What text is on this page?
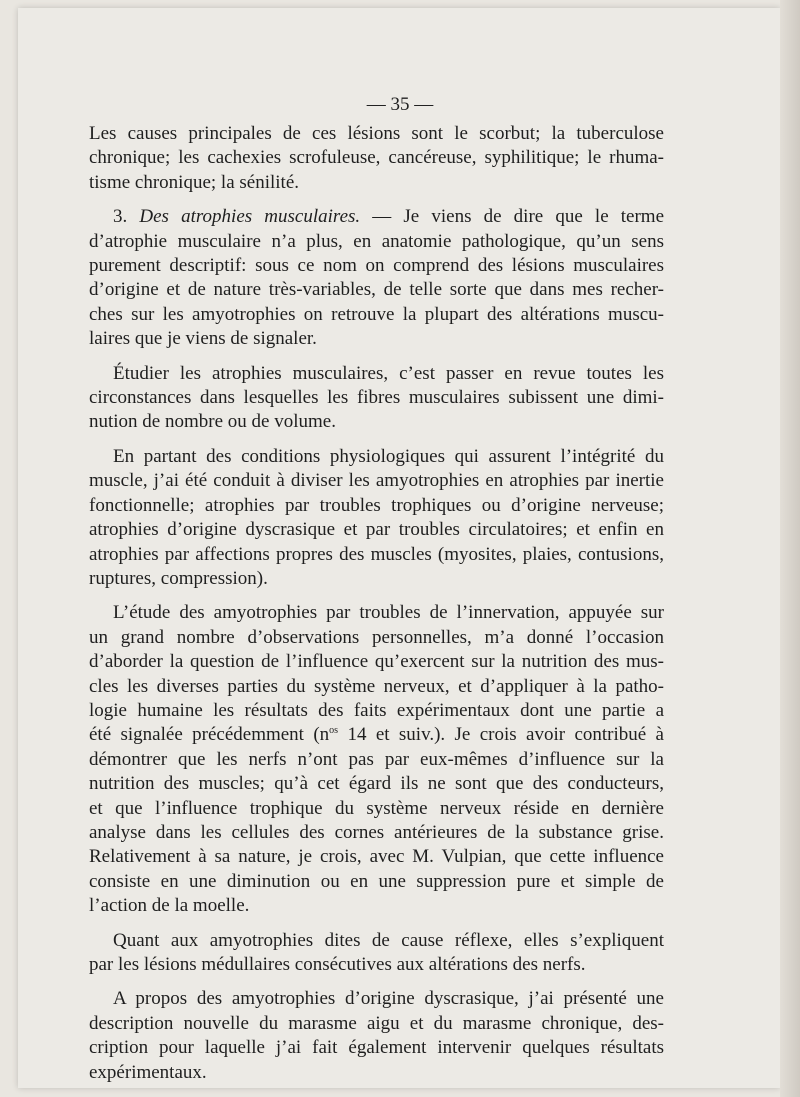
— 35 —
Les causes principales de ces lésions sont le scorbut; la tuberculose
chronique; les cachexies scrofuleuse, cancéreuse, syphilitique; le rhuma-
tisme chronique; la sénilité.
3. Des atrophies musculaires. — Je viens de dire que le terme
d’atrophie musculaire n’a plus, en anatomie pathologique, qu’un sens
purement descriptif: sous ce nom on comprend des lésions musculaires
d’origine et de nature très-variables, de telle sorte que dans mes recher-
ches sur les amyotrophies on retrouve la plupart des altérations muscu-
laires que je viens de signaler.
Étudier les atrophies musculaires, c’est passer en revue toutes les
circonstances dans lesquelles les fibres musculaires subissent une dimi-
nution de nombre ou de volume.
En partant des conditions physiologiques qui assurent l’intégrité du
muscle, j’ai été conduit à diviser les amyotrophies en atrophies par inertie
fonctionnelle; atrophies par troubles trophiques ou d’origine nerveuse;
atrophies d’origine dyscrasique et par troubles circulatoires; et enfin en
atrophies par affections propres des muscles (myosites, plaies, contusions,
ruptures, compression).
L’étude des amyotrophies par troubles de l’innervation, appuyée sur
un grand nombre d’observations personnelles, m’a donné l’occasion
d’aborder la question de l’influence qu’exercent sur la nutrition des mus-
cles les diverses parties du système nerveux, et d’appliquer à la patho-
logie humaine les résultats des faits expérimentaux dont une partie a
été signalée précédemment ($n^{os}$ 14 et suiv.). Je crois avoir contribué à
démontrer que les nerfs n’ont pas par eux-mêmes d’influence sur la
nutrition des muscles; qu’à cet égard ils ne sont que des conducteurs,
et que l’influence trophique du système nerveux réside en dernière
analyse dans les cellules des cornes antérieures de la substance grise.
Relativement à sa nature, je crois, avec M. Vulpian, que cette influence
consiste en une diminution ou en une suppression pure et simple de
l’action de la moelle.
Quant aux amyotrophies dites de cause réflexe, elles s’expliquent
par les lésions médullaires consécutives aux altérations des nerfs.
A propos des amyotrophies d’origine dyscrasique, j’ai présenté une
description nouvelle du marasme aigu et du marasme chronique, des-
cription pour laquelle j’ai fait également intervenir quelques résultats
expérimentaux.
